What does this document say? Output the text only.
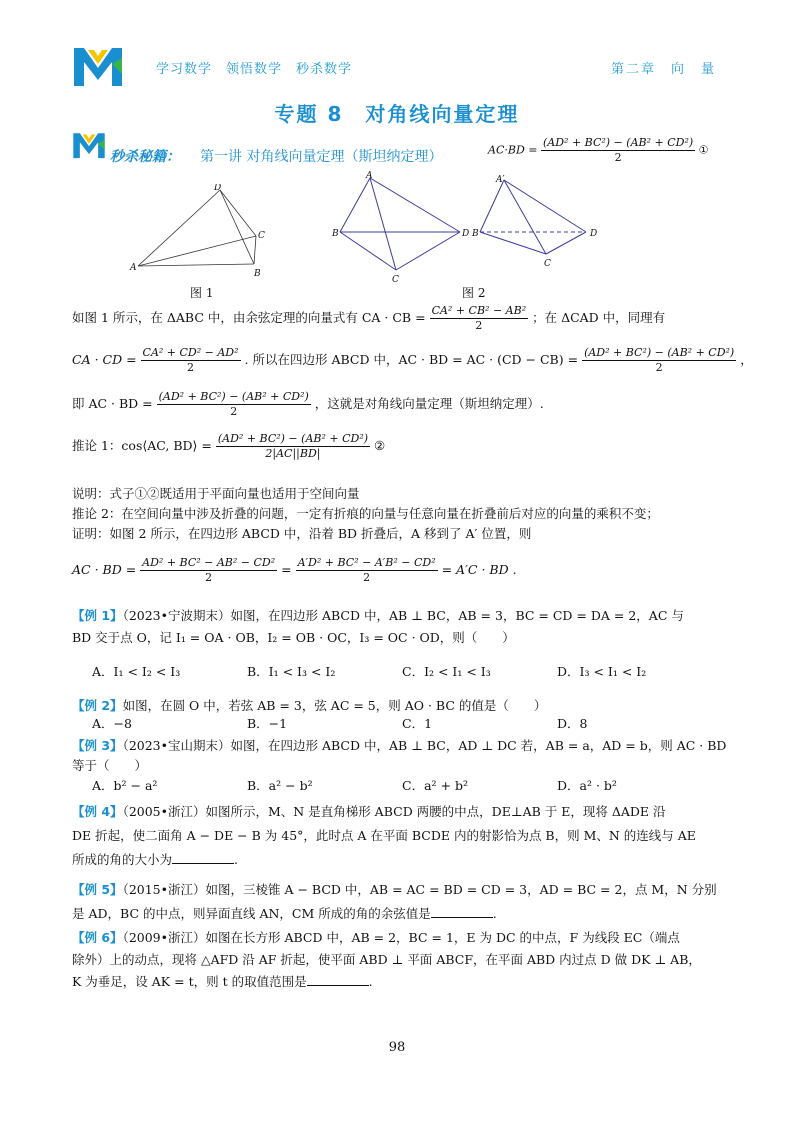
学习数学　领悟数学　秒杀数学	第二章　向　量
专题 8　对角线向量定理
秒杀秘籍： 第一讲 对角线向量定理（斯坦纳定理）	$AC\cdot BD = \frac{\text{(AD² + BC²) − (AB² + CD²)}}{2}$ ①
D
C
A
B
图 1
A
B	D
C
A′
B	D
C
图 2
如图 1 所示，在 ΔABC 中，由余弦定理的向量式有 CA · CB = $\frac{\text{CA² + CB² − AB²}}{2}$ ；在 ΔCAD 中，同理有
CA · CD = $\frac{\text{CA² + CD² − AD²}}{2}$ . 所以在四边形 ABCD 中，AC · BD = AC · $(CD - CB) = \frac{\text{(AD² + BC²) − (AB² + CD²)}}{2}$ ，
即 AC · BD = $\frac{\text{(AD² + BC²) − (AB² + CD²)}}{2}$ ，这就是对角线向量定理（斯坦纳定理）.
推论 1：cos⟨AC, BD⟩ = $\frac{\text{(AD² + BC²) − (AB² + CD²)}}{2|AC||BD|}$ ②
说明：式子①②既适用于平面向量也适用于空间向量
推论 2：在空间向量中涉及折叠的问题，一定有折痕的向量与任意向量在折叠前后对应的向量的乘积不变；
证明：如图 2 所示，在四边形 ABCD 中，沿着 BD 折叠后，A 移到了 A′ 位置，则
AC · BD = $\frac{\text{AD² + BC² − AB² − CD²}}{2} = \frac{\text{A′D² + BC² − A′B² − CD²}}{2} = A'C$ · BD .
【例 1】（2023•宁波期末）如图，在四边形 ABCD 中，AB ⊥ BC，AB = 3，BC = CD = DA = 2，AC 与
BD 交于点 O，记 I₁ = OA · OB，I₂ = OB · OC，I₃ = OC · OD，则（　　）
A．I₁ < I₂ < I₃	B．I₁ < I₃ < I₂	C．I₂ < I₁ < I₃	D．I₃ < I₁ < I₂
【例 2】如图，在圆 O 中，若弦 AB = 3，弦 AC = 5，则 AO · BC 的值是（　　）
A．−8	B．−1	C．1	D．8
【例 3】（2023•宝山期末）如图，在四边形 ABCD 中，AB ⊥ BC，AD ⊥ DC 若，AB = a，AD = b，则 AC · BD
等于（　　）
A．b² − a²	B．a² − b²	C．a² + b²	D．a² · b²
【例 4】（2005•浙江）如图所示，M、N 是直角梯形 ABCD 两腰的中点，DE⊥AB 于 E，现将 ΔADE 沿
DE 折起，使二面角 A − DE − B 为 45°，此时点 A 在平面 BCDE 内的射影恰为点 B，则 M、N 的连线与 AE
所成的角的大小为	.
【例 5】（2015•浙江）如图，三棱锥 A − BCD 中，AB = AC = BD = CD = 3，AD = BC = 2，点 M，N 分别
是 AD，BC 的中点，则异面直线 AN，CM 所成的角的余弦值是	.
【例 6】（2009•浙江）如图在长方形 ABCD 中，AB = 2，BC = 1，E 为 DC 的中点，F 为线段 EC（端点
除外）上的动点，现将 △AFD 沿 AF 折起，使平面 ABD ⊥ 平面 ABCF，在平面 ABD 内过点 D 做 DK ⊥ AB，
K 为垂足，设 AK = t，则 t 的取值范围是	.
98
